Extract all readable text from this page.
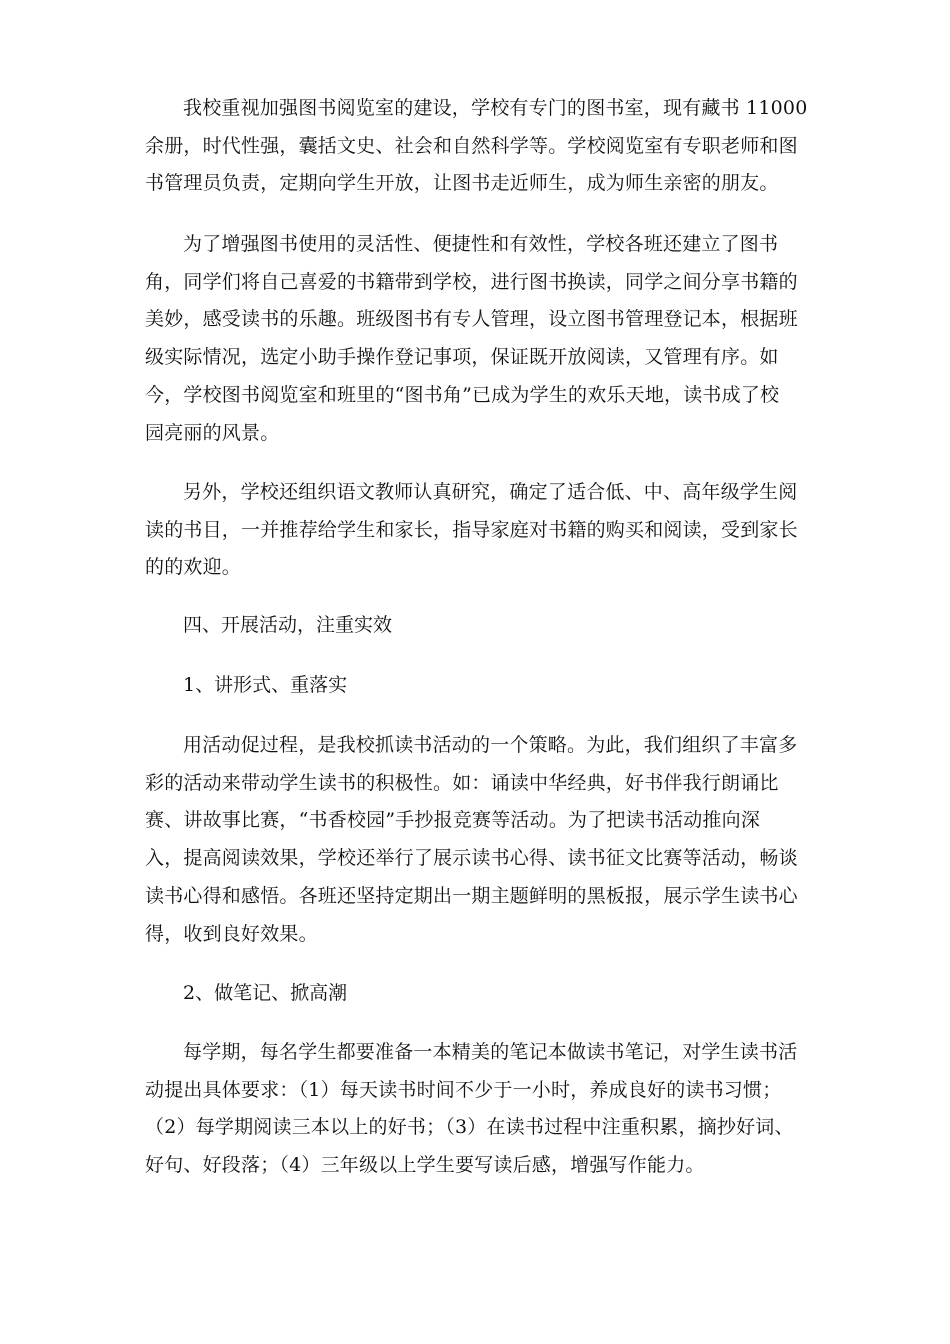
我校重视加强图书阅览室的建设，学校有专门的图书室，现有藏书 11000
余册，时代性强，囊括文史、社会和自然科学等。学校阅览室有专职老师和图
书管理员负责，定期向学生开放，让图书走近师生，成为师生亲密的朋友。

为了增强图书使用的灵活性、便捷性和有效性，学校各班还建立了图书
角，同学们将自己喜爱的书籍带到学校，进行图书换读，同学之间分享书籍的
美妙，感受读书的乐趣。班级图书有专人管理，设立图书管理登记本，根据班
级实际情况，选定小助手操作登记事项，保证既开放阅读，又管理有序。如
今，学校图书阅览室和班里的“图书角”已成为学生的欢乐天地，读书成了校
园亮丽的风景。

另外，学校还组织语文教师认真研究，确定了适合低、中、高年级学生阅
读的书目，一并推荐给学生和家长，指导家庭对书籍的购买和阅读，受到家长
的的欢迎。

四、开展活动，注重实效

1、讲形式、重落实

用活动促过程，是我校抓读书活动的一个策略。为此，我们组织了丰富多
彩的活动来带动学生读书的积极性。如：诵读中华经典，好书伴我行朗诵比
赛、讲故事比赛，“书香校园”手抄报竞赛等活动。为了把读书活动推向深
入，提高阅读效果，学校还举行了展示读书心得、读书征文比赛等活动，畅谈
读书心得和感悟。各班还坚持定期出一期主题鲜明的黑板报，展示学生读书心
得，收到良好效果。

2、做笔记、掀高潮

每学期，每名学生都要准备一本精美的笔记本做读书笔记，对学生读书活
动提出具体要求：（1）每天读书时间不少于一小时，养成良好的读书习惯；
（2）每学期阅读三本以上的好书；（3）在读书过程中注重积累，摘抄好词、
好句、好段落；（4）三年级以上学生要写读后感，增强写作能力。
